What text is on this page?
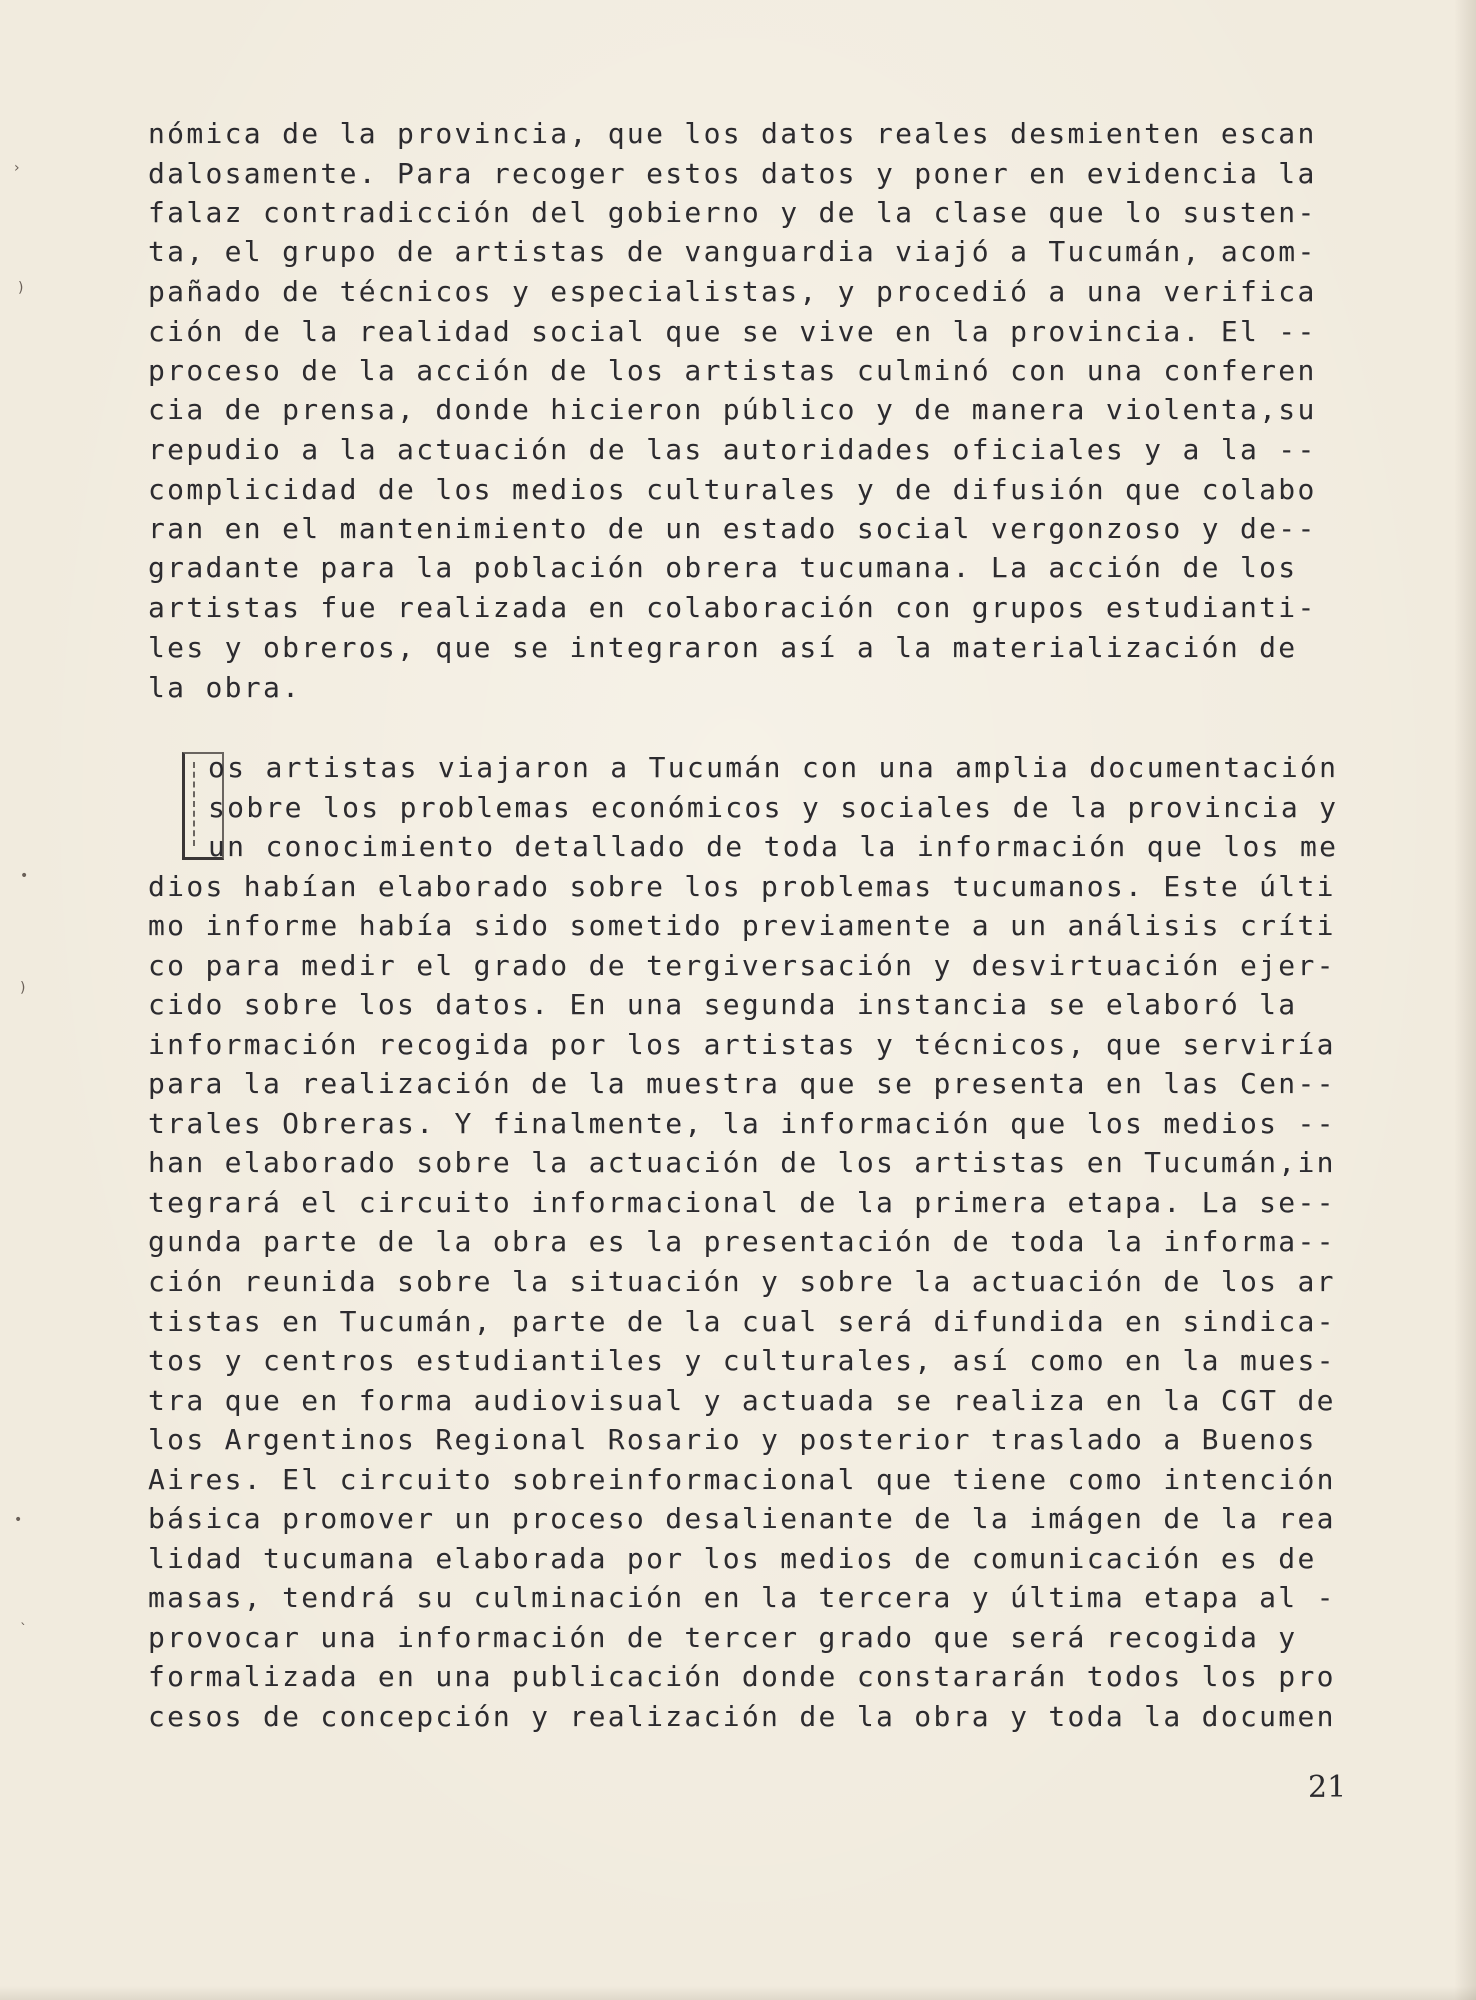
›
)
•
)
•
`
nómica de la provincia, que los datos reales desmienten escan
dalosamente. Para recoger estos datos y poner en evidencia la
falaz contradicción del gobierno y de la clase que lo susten-
ta, el grupo de artistas de vanguardia viajó a Tucumán, acom-
pañado de técnicos y especialistas, y procedió a una verifica
ción de la realidad social que se vive en la provincia. El --
proceso de la acción de los artistas culminó con una conferen
cia de prensa, donde hicieron público y de manera violenta,su
repudio a la actuación de las autoridades oficiales y a la --
complicidad de los medios culturales y de difusión que colabo
ran en el mantenimiento de un estado social vergonzoso y de--
gradante para la población obrera tucumana. La acción de los
artistas fue realizada en colaboración con grupos estudianti-
les y obreros, que se integraron así a la materialización de
la obra.
os artistas viajaron a Tucumán con una amplia documentación
sobre los problemas económicos y sociales de la provincia y
un conocimiento detallado de toda la información que los me
dios habían elaborado sobre los problemas tucumanos. Este últi
mo informe había sido sometido previamente a un análisis críti
co para medir el grado de tergiversación y desvirtuación ejer-
cido sobre los datos. En una segunda instancia se elaboró la
información recogida por los artistas y técnicos, que serviría
para la realización de la muestra que se presenta en las Cen--
trales Obreras. Y finalmente, la información que los medios --
han elaborado sobre la actuación de los artistas en Tucumán,in
tegrará el circuito informacional de la primera etapa. La se--
gunda parte de la obra es la presentación de toda la informa--
ción reunida sobre la situación y sobre la actuación de los ar
tistas en Tucumán, parte de la cual será difundida en sindica-
tos y centros estudiantiles y culturales, así como en la mues-
tra que en forma audiovisual y actuada se realiza en la CGT de
los Argentinos Regional Rosario y posterior traslado a Buenos
Aires. El circuito sobreinformacional que tiene como intención
básica promover un proceso desalienante de la imágen de la rea
lidad tucumana elaborada por los medios de comunicación es de
masas, tendrá su culminación en la tercera y última etapa al -
provocar una información de tercer grado que será recogida y
formalizada en una publicación donde constararán todos los pro
cesos de concepción y realización de la obra y toda la documen
21
